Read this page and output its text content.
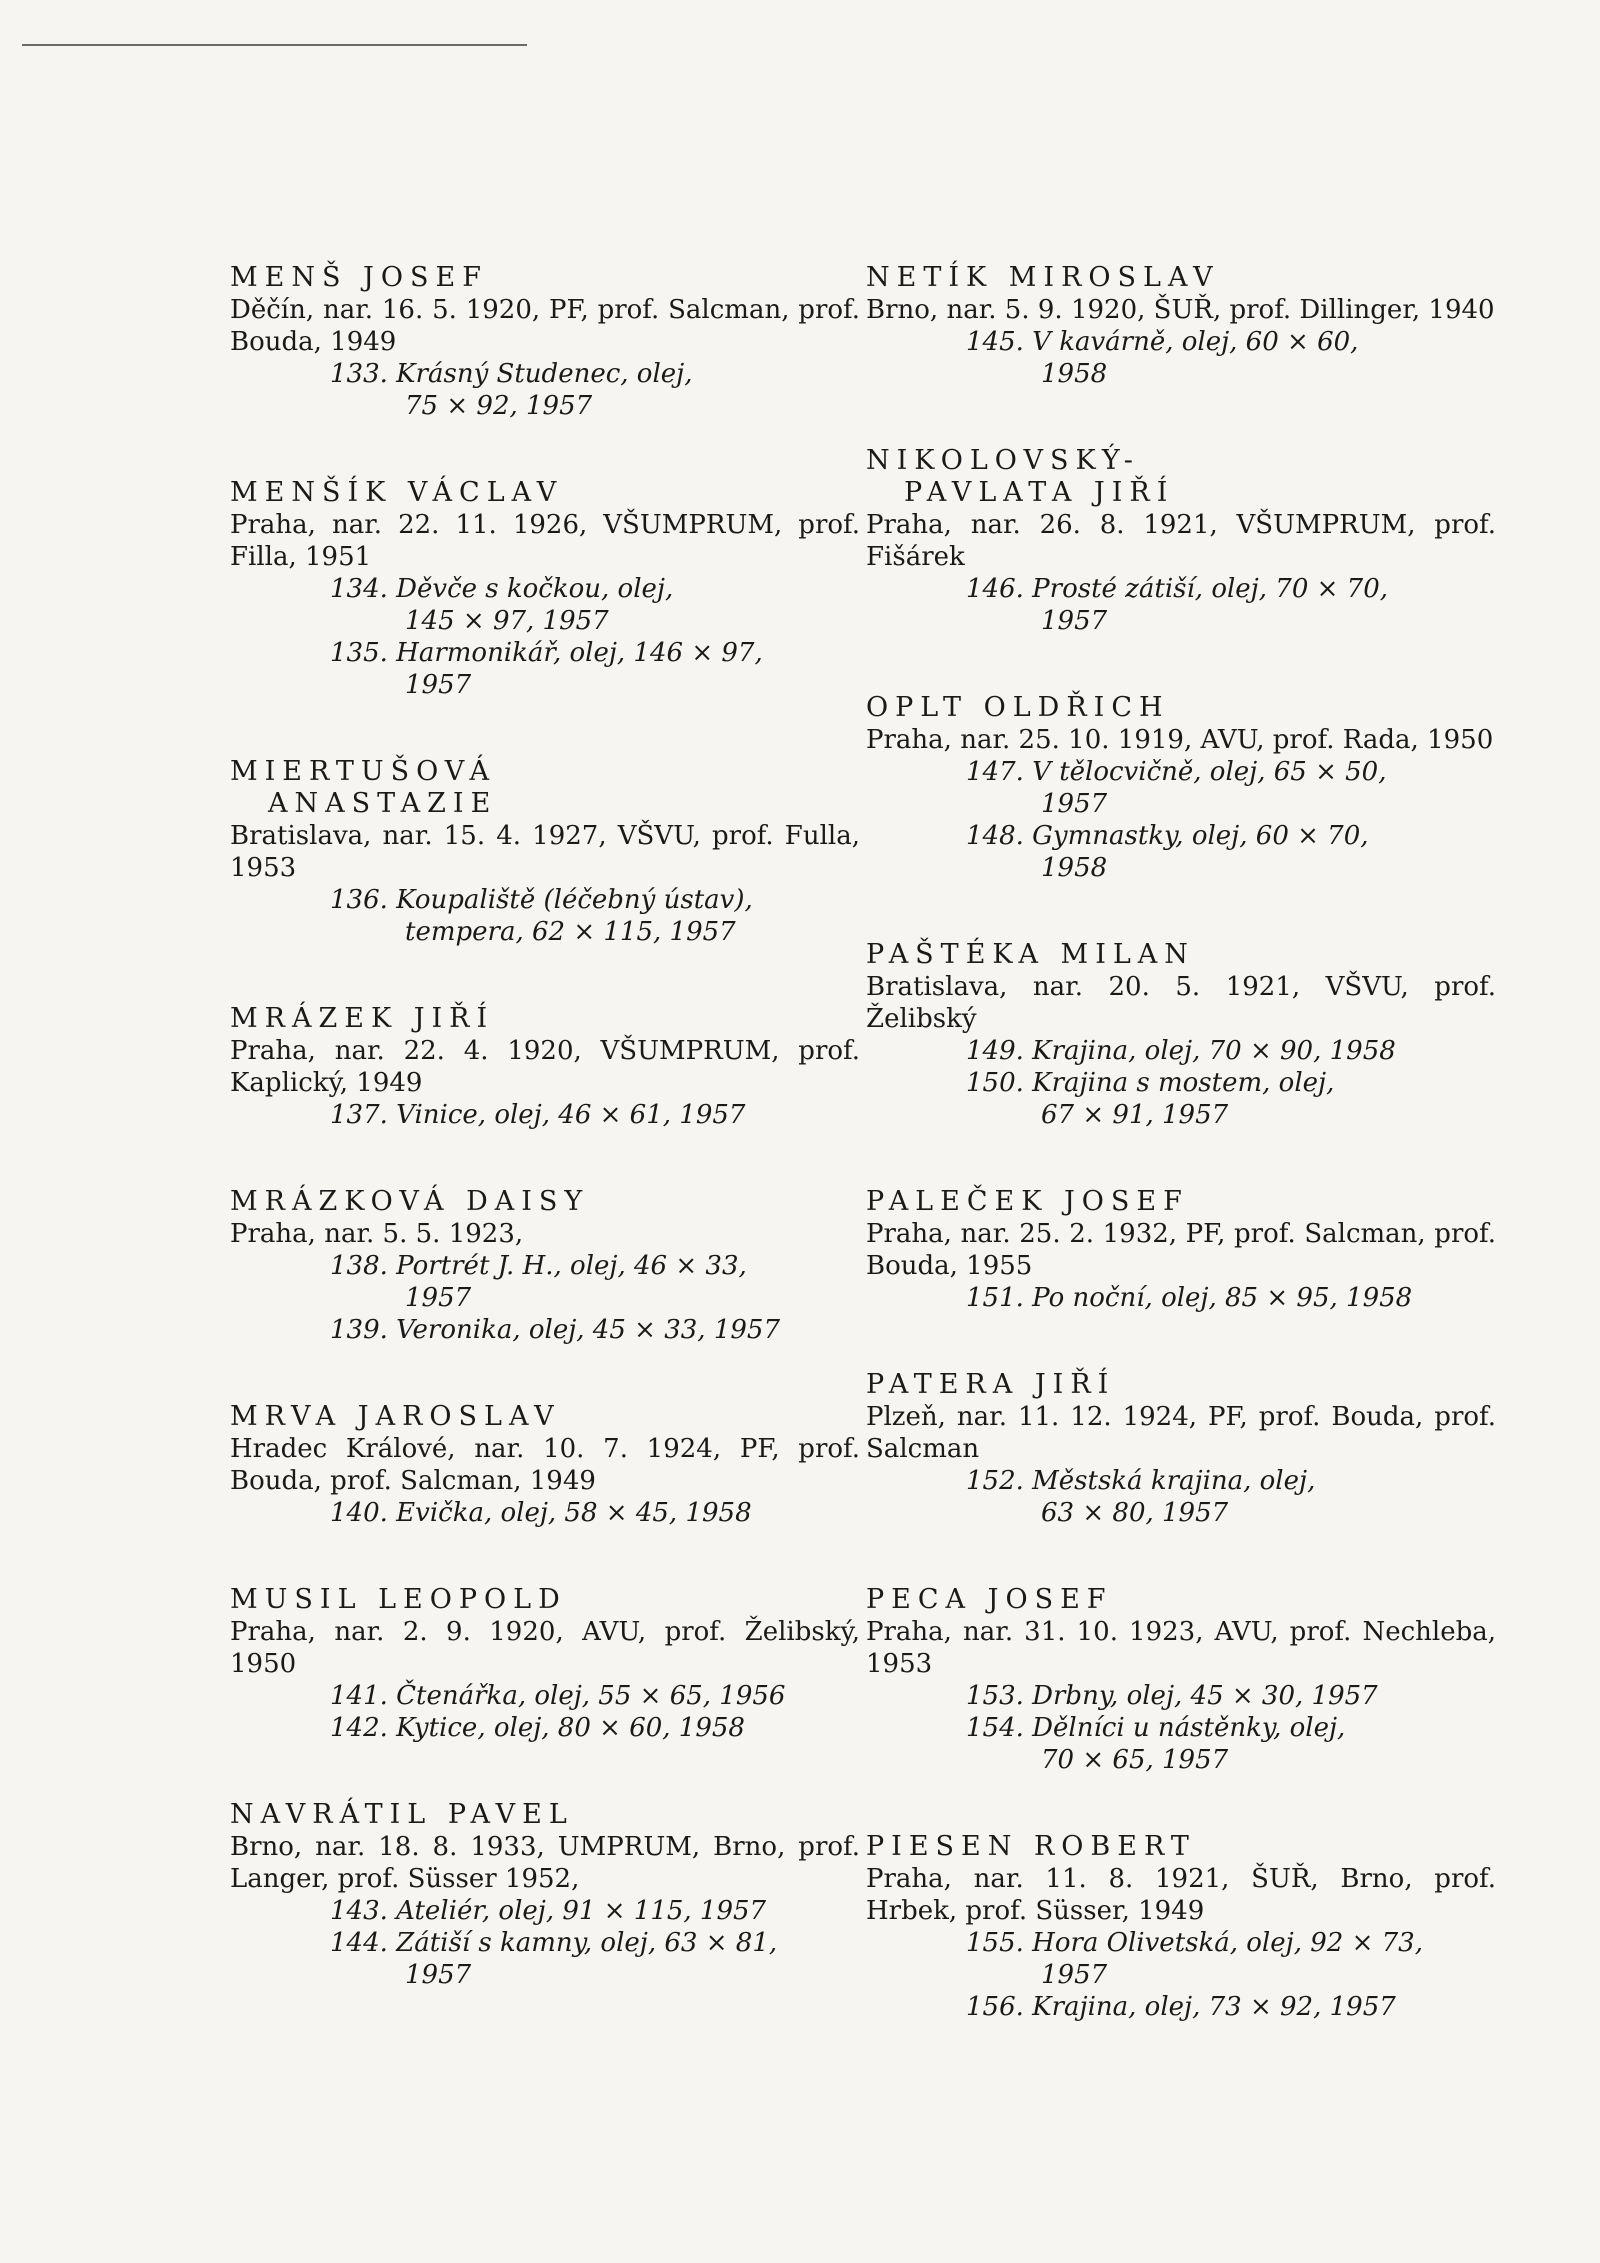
MENŠ JOSEF

Děčín, nar. 16. 5. 1920, PF, prof. Salcman, prof. Bouda, 1949

133. Krásný Studenec, olej,
75 × 92, 1957

MENŠÍK VÁCLAV

Praha, nar. 22. 11. 1926, VŠUMPRUM, prof. Filla, 1951

134. Děvče s kočkou, olej,
145 × 97, 1957

135. Harmonikář, olej, 146 × 97,
1957

MIERTUŠOVÁ
ANASTAZIE

Bratislava, nar. 15. 4. 1927, VŠVU, prof. Fulla, 1953

136. Koupaliště (léčebný ústav),
tempera, 62 × 115, 1957

MRÁZEK JIŘÍ

Praha, nar. 22. 4. 1920, VŠUMPRUM, prof. Kaplický, 1949

137. Vinice, olej, 46 × 61, 1957

MRÁZKOVÁ DAISY

Praha, nar. 5. 5. 1923,

138. Portrét J. H., olej, 46 × 33,
1957

139. Veronika, olej, 45 × 33, 1957

MRVA JAROSLAV

Hradec Králové, nar. 10. 7. 1924, PF, prof. Bouda, prof. Salcman, 1949

140. Evička, olej, 58 × 45, 1958

MUSIL LEOPOLD

Praha, nar. 2. 9. 1920, AVU, prof. Želibský, 1950

141. Čtenářka, olej, 55 × 65, 1956

142. Kytice, olej, 80 × 60, 1958

NAVRÁTIL PAVEL

Brno, nar. 18. 8. 1933, UMPRUM, Brno, prof. Langer, prof. Süsser 1952,

143. Ateliér, olej, 91 × 115, 1957

144. Zátiší s kamny, olej, 63 × 81,
1957

NETÍK MIROSLAV

Brno, nar. 5. 9. 1920, ŠUŘ, prof. Dillinger, 1940

145. V kavárně, olej, 60 × 60,
1958

NIKOLOVSKÝ-
PAVLATA JIŘÍ

Praha, nar. 26. 8. 1921, VŠUMPRUM, prof. Fišárek

146. Prosté zátiší, olej, 70 × 70,
1957

OPLT OLDŘICH

Praha, nar. 25. 10. 1919, AVU, prof. Rada, 1950

147. V tělocvičně, olej, 65 × 50,
1957

148. Gymnastky, olej, 60 × 70,
1958

PAŠTÉKA MILAN

Bratislava, nar. 20. 5. 1921, VŠVU, prof. Želibský

149. Krajina, olej, 70 × 90, 1958

150. Krajina s mostem, olej,
67 × 91, 1957

PALEČEK JOSEF

Praha, nar. 25. 2. 1932, PF, prof. Salcman, prof. Bouda, 1955

151. Po noční, olej, 85 × 95, 1958

PATERA JIŘÍ

Plzeň, nar. 11. 12. 1924, PF, prof. Bouda, prof. Salcman

152. Městská krajina, olej,
63 × 80, 1957

PECA JOSEF

Praha, nar. 31. 10. 1923, AVU, prof. Nechleba, 1953

153. Drbny, olej, 45 × 30, 1957

154. Dělníci u nástěnky, olej,
70 × 65, 1957

PIESEN ROBERT

Praha, nar. 11. 8. 1921, ŠUŘ, Brno, prof. Hrbek, prof. Süsser, 1949

155. Hora Olivetská, olej, 92 × 73,
1957

156. Krajina, olej, 73 × 92, 1957
